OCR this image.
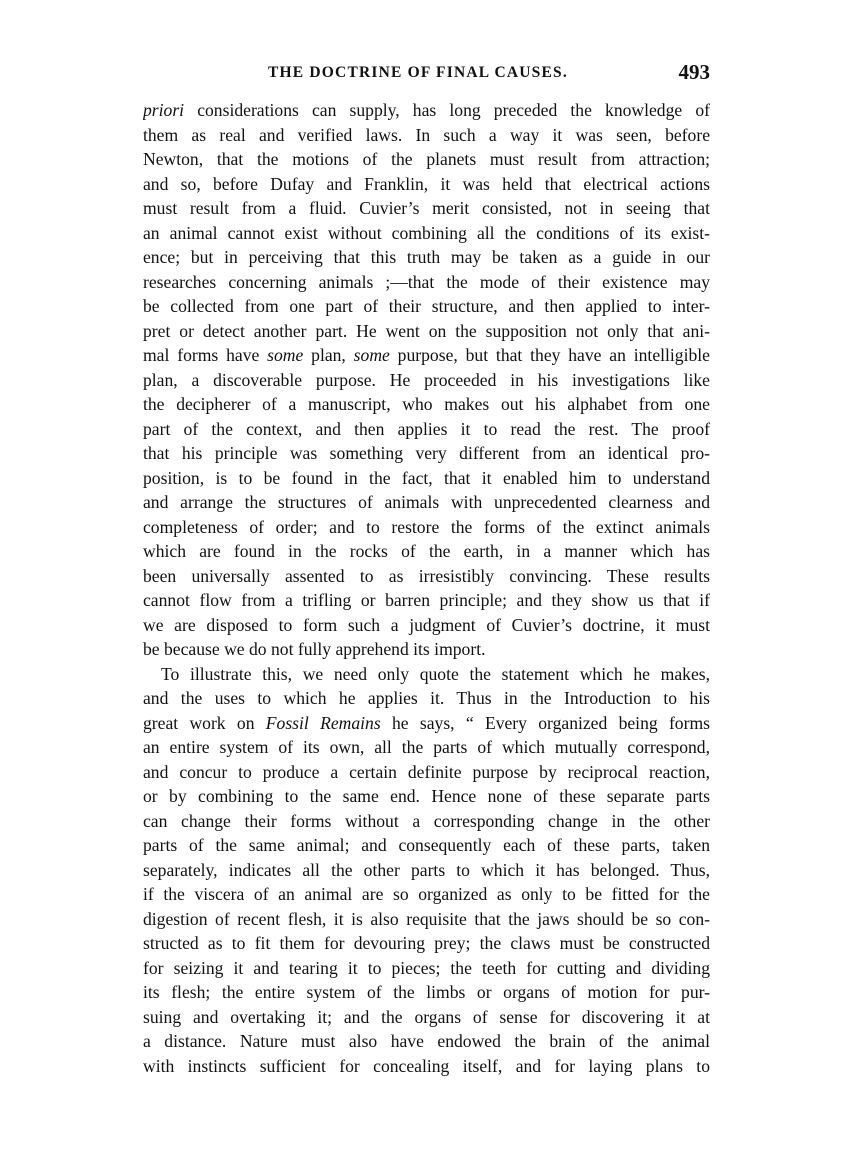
THE DOCTRINE OF FINAL CAUSES.	493
priori considerations can supply, has long preceded the knowledge of
them as real and verified laws. In such a way it was seen, before
Newton, that the motions of the planets must result from attraction;
and so, before Dufay and Franklin, it was held that electrical actions
must result from a fluid. Cuvier’s merit consisted, not in seeing that
an animal cannot exist without combining all the conditions of its exist-
ence; but in perceiving that this truth may be taken as a guide in our
researches concerning animals ;—that the mode of their existence may
be collected from one part of their structure, and then applied to inter-
pret or detect another part. He went on the supposition not only that ani-
mal forms have some plan, some purpose, but that they have an intelligible
plan, a discoverable purpose. He proceeded in his investigations like
the decipherer of a manuscript, who makes out his alphabet from one
part of the context, and then applies it to read the rest. The proof
that his principle was something very different from an identical pro-
position, is to be found in the fact, that it enabled him to understand
and arrange the structures of animals with unprecedented clearness and
completeness of order; and to restore the forms of the extinct animals
which are found in the rocks of the earth, in a manner which has
been universally assented to as irresistibly convincing. These results
cannot flow from a trifling or barren principle; and they show us that if
we are disposed to form such a judgment of Cuvier’s doctrine, it must
be because we do not fully apprehend its import.
To illustrate this, we need only quote the statement which he makes,
and the uses to which he applies it. Thus in the Introduction to his
great work on Fossil Remains he says, “ Every organized being forms
an entire system of its own, all the parts of which mutually correspond,
and concur to produce a certain definite purpose by reciprocal reaction,
or by combining to the same end. Hence none of these separate parts
can change their forms without a corresponding change in the other
parts of the same animal; and consequently each of these parts, taken
separately, indicates all the other parts to which it has belonged. Thus,
if the viscera of an animal are so organized as only to be fitted for the
digestion of recent flesh, it is also requisite that the jaws should be so con-
structed as to fit them for devouring prey; the claws must be constructed
for seizing it and tearing it to pieces; the teeth for cutting and dividing
its flesh; the entire system of the limbs or organs of motion for pur-
suing and overtaking it; and the organs of sense for discovering it at
a distance. Nature must also have endowed the brain of the animal
with instincts sufficient for concealing itself, and for laying plans to
